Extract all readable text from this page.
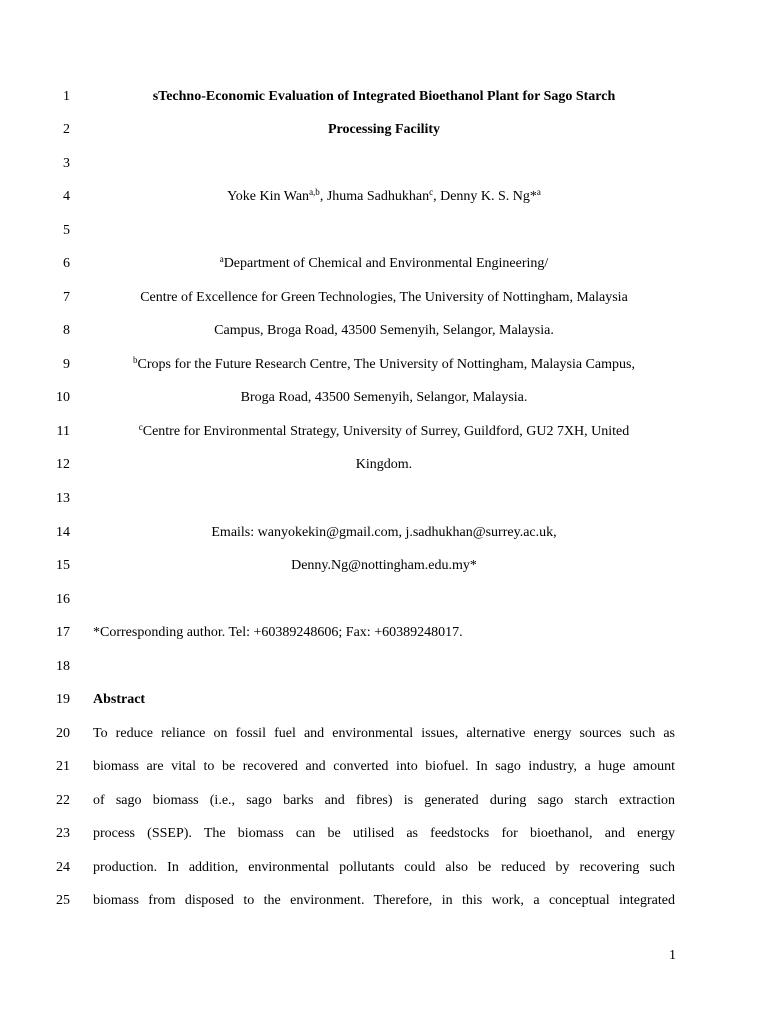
1
2
3
4
5
6
7
8
9
10
11
12
13
14
15
16
17
18
19
20
21
22
23
24
25
sTechno-Economic Evaluation of Integrated Bioethanol Plant for Sago Starch
Processing Facility
Yoke Kin Wan$^{a,b}$, Jhuma Sadhukhan$^c$, Denny K. S. Ng*$^a$
$^a$Department of Chemical and Environmental Engineering/
Centre of Excellence for Green Technologies, The University of Nottingham, Malaysia
Campus, Broga Road, 43500 Semenyih, Selangor, Malaysia.
$^b$Crops for the Future Research Centre, The University of Nottingham, Malaysia Campus,
Broga Road, 43500 Semenyih, Selangor, Malaysia.
$^c$Centre for Environmental Strategy, University of Surrey, Guildford, GU2 7XH, United
Kingdom.
Emails: wanyokekin@gmail.com, j.sadhukhan@surrey.ac.uk,
Denny.Ng@nottingham.edu.my*
*Corresponding author. Tel: +60389248606; Fax: +60389248017.
Abstract
To reduce reliance on fossil fuel and environmental issues, alternative energy sources such as
biomass are vital to be recovered and converted into biofuel. In sago industry, a huge amount
of sago biomass (i.e., sago barks and fibres) is generated during sago starch extraction
process (SSEP). The biomass can be utilised as feedstocks for bioethanol, and energy
production. In addition, environmental pollutants could also be reduced by recovering such
biomass from disposed to the environment. Therefore, in this work, a conceptual integrated
1
